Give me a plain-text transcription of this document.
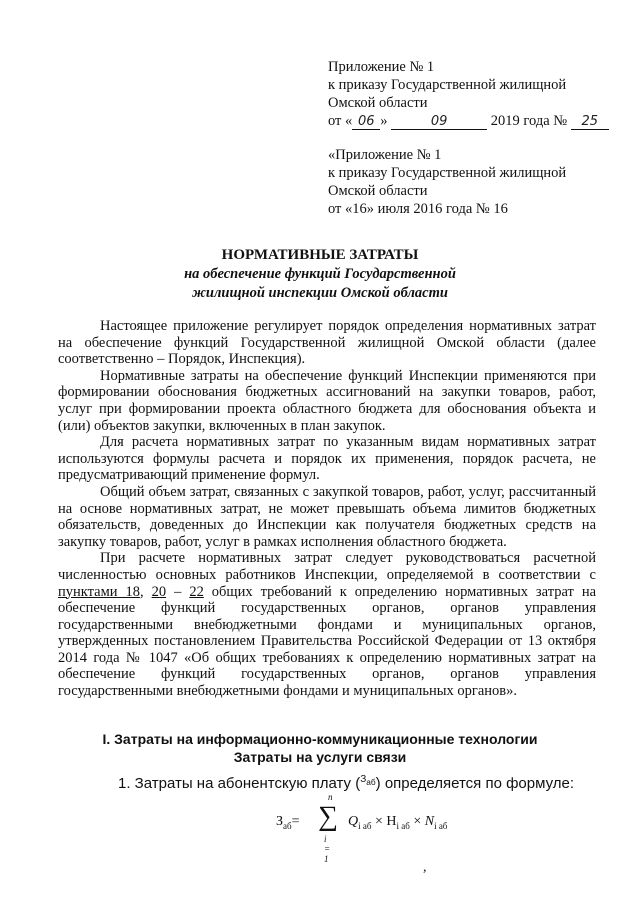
Приложение № 1
к приказу Государственной жилищной
Омской области
от « 06 »	09	2019 года № 25
«Приложение № 1
к приказу Государственной жилищной
Омской области
от «16» июля 2016 года № 16
НОРМАТИВНЫЕ ЗАТРАТЫ
на обеспечение функций Государственной
жилищной инспекции Омской области

Настоящее приложение регулирует порядок определения нормативных затрат на обеспечение функций Государственной жилищной Омской области (далее соответственно – Порядок, Инспекция).

Нормативные затраты на обеспечение функций Инспекции применяются при формировании обоснования бюджетных ассигнований на закупки товаров, работ, услуг при формировании проекта областного бюджета для обоснования объекта и (или) объектов закупки, включенных в план закупок.

Для расчета нормативных затрат по указанным видам нормативных затрат используются формулы расчета и порядок их применения, порядок расчета, не предусматривающий применение формул.

Общий объем затрат, связанных с закупкой товаров, работ, услуг, рассчитанный на основе нормативных затрат, не может превышать объема лимитов бюджетных обязательств, доведенных до Инспекции как получателя бюджетных средств на закупку товаров, работ, услуг в рамках исполнения областного бюджета.

При расчете нормативных затрат следует руководствоваться расчетной численностью основных работников Инспекции, определяемой в соответствии с пунктами 18, 20 – 22 общих требований к определению нормативных затрат на обеспечение функций государственных органов, органов управления государственными внебюджетными фондами и муниципальных органов, утвержденных постановлением Правительства Российской Федерации от 13 октября 2014 года № 1047 «Об общих требованиях к определению нормативных затрат на обеспечение функций государственных органов, органов управления государственными внебюджетными фондами и муниципальных органов».

I. Затраты на информационно-коммуникационные технологии
Затраты на услуги связи
1. Затраты на абонентскую плату ($^{З_{аб}}$) определяется по формуле:
$З_{аб}=$
n
∑
i = 1
$Q_{i аб} \times H_{i аб} \times N_{i аб}$
,
